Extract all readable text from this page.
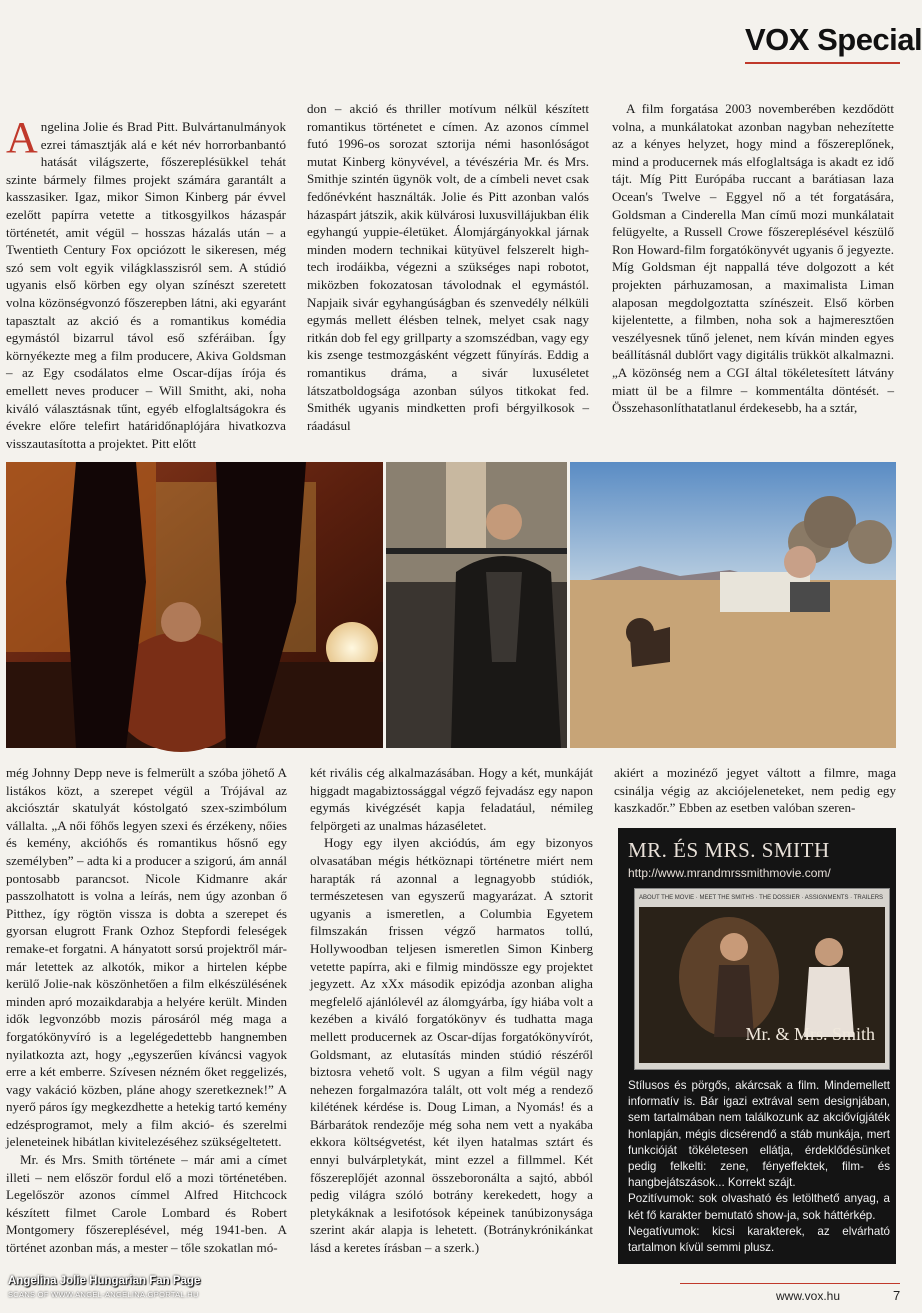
VOX Special

Angelina Jolie és Brad Pitt. Bulvártanulmányok ezrei támasztják alá e két név horrorbanbantó hatását világszerte, főszereplésükkel tehát szinte bármely filmes projekt számára garantált a kasszasiker. Igaz, mikor Simon Kinberg pár évvel ezelőtt papírra vetette a titkosgyilkos házaspár történetét, amit végül – hosszas házalás után – a Twentieth Century Fox opciózott le sikeresen, még szó sem volt egyik világklasszisról sem. A stúdió ugyanis első körben egy olyan színészt szeretett volna közönségvonzó főszerepben látni, aki egyaránt tapasztalt az akció és a romantikus komédia egymástól bizarrul távol eső szféráiban. Így környékezte meg a film producere, Akiva Goldsman – az Egy csodálatos elme Oscar-díjas írója és emellett neves producer – Will Smitht, aki, noha kiváló választásnak tűnt, egyéb elfoglaltságokra és évekre előre telefirt határidőnaplójára hivatkozva visszautasította a projektet. Pitt előtt

don – akció és thriller motívum nélkül készített romantikus történetet e címen. Az azonos címmel futó 1996-os sorozat sztorija némi hasonlóságot mutat Kinberg könyvével, a tévészéria Mr. és Mrs. Smithje szintén ügynök volt, de a címbeli nevet csak fedőnévként használták. Jolie és Pitt azonban valós házaspárt játszik, akik külvárosi luxusvillájukban élik egyhangú yuppie-életüket. Álomjárgányokkal járnak minden modern technikai kütyüvel felszerelt high-tech irodáikba, végezni a szükséges napi robotot, miközben fokozatosan távolodnak el egymástól. Napjaik sivár egyhangúságban és szenvedély nélküli egymás mellett élésben telnek, melyet csak nagy ritkán dob fel egy grillparty a szomszédban, vagy egy kis zsenge testmozgásként végzett fűnyírás. Eddig a romantikus dráma, a sivár luxuséletet látszatboldogsága azonban súlyos titkokat fed. Smithék ugyanis mindketten profi bérgyilkosok – ráadásul

A film forgatása 2003 novemberében kezdődött volna, a munkálatokat azonban nagyban nehezítette az a kényes helyzet, hogy mind a főszereplőnek, mind a producernek más elfoglaltsága is akadt ez idő tájt. Míg Pitt Európába ruccant a barátiasan laza Ocean's Twelve – Eggyel nő a tét forgatására, Goldsman a Cinderella Man című mozi munkálatait felügyelte, a Russell Crowe főszereplésével készülő Ron Howard-film forgatókönyvét ugyanis ő jegyezte. Míg Goldsman éjt nappallá téve dolgozott a két projekten párhuzamosan, a maximalista Liman alaposan megdolgoztatta színészeit. Első körben kijelentette, a filmben, noha sok a hajmeresztően veszélyesnek tűnő jelenet, nem kíván minden egyes beállításnál dublőrt vagy digitális trükköt alkalmazni. „A közönség nem a CGI által tökéletesített látvány miatt ül be a filmre – kommentálta döntését. – Összehasonlíthatatlanul érdekesebb, ha a sztár,

még Johnny Depp neve is felmerült a szóba jöhető A listákos közt, a szerepet végül a Trójával az akciósztár skatulyát kóstolgató szex-szimbólum vállalta. „A női főhős legyen szexi és érzékeny, nőies és kemény, akcióhős és romantikus hősnő egy személyben” – adta ki a producer a szigorú, ám annál pontosabb parancsot. Nicole Kidmanre akár passzolhatott is volna a leírás, nem úgy azonban ő Pitthez, így rögtön vissza is dobta a szerepet és gyorsan elugrott Frank Ozhoz Stepfordi feleségek remake-et forgatni. A hányatott sorsú projektről már-már letettek az alkotók, mikor a hirtelen képbe kerülő Jolie-nak köszönhetően a film elkészülésének minden apró mozaikdarabja a helyére került. Minden idők legvonzóbb mozis párosáról még maga a forgatókönyvíró is a legelégedettebb hangnemben nyilatkozta azt, hogy „egyszerűen kíváncsi vagyok erre a két emberre. Szívesen nézném őket reggelizés, vagy vakáció közben, pláne ahogy szeretkeznek!” A nyerő páros így megkezdhette a hetekig tartó kemény edzésprogramot, mely a film akció- és szerelmi jeleneteinek hibátlan kivitelezéséhez szükségeltetett.

Mr. és Mrs. Smith története – már ami a címet illeti – nem először fordul elő a mozi történetében. Legelőször azonos címmel Alfred Hitchcock készített filmet Carole Lombard és Robert Montgomery főszereplésével, még 1941-ben. A történet azonban más, a mester – tőle szokatlan mó-

két rivális cég alkalmazásában. Hogy a két, munkáját higgadt magabiztossággal végző fejvadász egy napon egymás kivégzését kapja feladatául, némileg felpörgeti az unalmas házaséletet.

Hogy egy ilyen akciódús, ám egy bizonyos olvasatában mégis hétköznapi történetre miért nem harapták rá azonnal a legnagyobb stúdiók, természetesen van egyszerű magyarázat. A sztorit ugyanis a ismeretlen, a Columbia Egyetem filmszakán frissen végző harmatos tollú, Hollywoodban teljesen ismeretlen Simon Kinberg vetette papírra, aki e filmig mindössze egy projektet jegyzett. Az xXx második epizódja azonban aligha megfelelő ajánlólevél az álomgyárba, így hiába volt a kezében a kiváló forgatókönyv és tudhatta maga mellett producernek az Oscar-díjas forgatókönyvírót, Goldsmant, az elutasítás minden stúdió részéről biztosra vehető volt. S ugyan a film végül nagy nehezen forgalmazóra talált, ott volt még a rendező kilétének kérdése is. Doug Liman, a Nyomás! és a Bárbarátok rendezője még soha nem vett a nyakába ekkora költségvetést, két ilyen hatalmas sztárt és ennyi bulvárpletykát, mint ezzel a fillmmel. Két főszereplőjét azonnal összeboronálta a sajtó, abból pedig világra szóló botrány kerekedett, hogy a pletykáknak a lesifotósok képeinek tanúbizonysága szerint akár alapja is lehetett. (Botránykrónikánkat lásd a keretes írásban – a szerk.)

akiért a mozinéző jegyet váltott a filmre, maga csinálja végig az akciójeleneteket, nem pedig egy kaszkadőr.” Ebben az esetben valóban szeren-

MR. ÉS MRS. SMITH
http://www.mrandmrssmithmovie.com/
ABOUT THE MOVIE · MEET THE SMITHS · THE DOSSIER · ASSIGNMENTS · TRAILERS
Mr. & Mrs. Smith
Stílusos és pörgős, akárcsak a film. Mindemellett informatív is. Bár igazi extrával sem designjában, sem tartalmában nem találkozunk az akciővígjáték honlapján, mégis dicsérendő a stáb munkája, mert funkcióját tökéletesen ellátja, érdeklődésünket pedig felkelti: zene, fényeffektek, film- és hangbejátszások... Korrekt szájt.
Pozitívumok: sok olvasható és letölthető anyag, a két fő karakter bemutató show-ja, sok háttérkép.
Negatívumok: kicsi karakterek, az elvárható tartalmon kívül semmi plusz.
www.vox.hu	7
Angelina Jolie Hungarian Fan Page
SCANS OF WWW.ANGEL-ANGELINA.GPORTAL.HU
